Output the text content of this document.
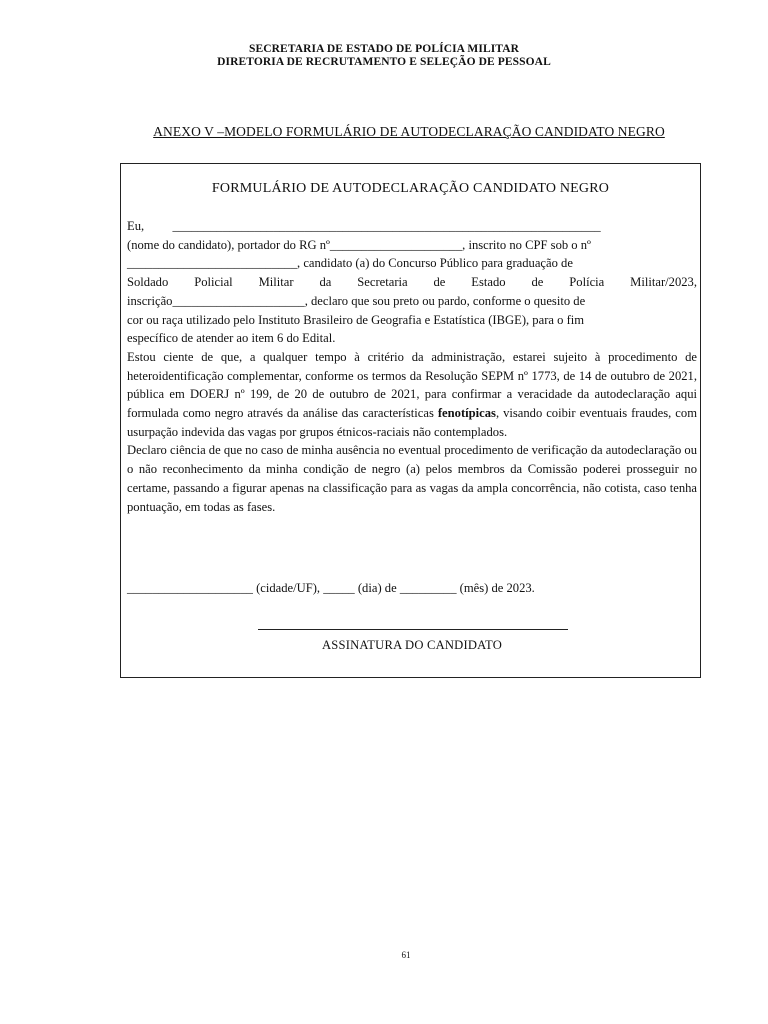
SECRETARIA DE ESTADO DE POLÍCIA MILITAR
DIRETORIA DE RECRUTAMENTO E SELEÇÃO DE PESSOAL
ANEXO V –MODELO FORMULÁRIO DE AUTODECLARAÇÃO CANDIDATO NEGRO
FORMULÁRIO DE AUTODECLARAÇÃO CANDIDATO NEGRO

Eu,         ____________________________________________________________________
(nome do candidato), portador do RG nº_____________________, inscrito no CPF sob o nº
___________________________, candidato (a) do Concurso Público para graduação de
Soldado Policial Militar da Secretaria de Estado de Polícia Militar/2023,
inscrição_____________________, declaro que sou preto ou pardo, conforme o quesito de
cor ou raça utilizado pelo Instituto Brasileiro de Geografia e Estatística (IBGE), para o fim
específico de atender ao item 6 do Edital.

Estou ciente de que, a qualquer tempo à critério da administração, estarei sujeito à procedimento de heteroidentificação complementar, conforme os termos da Resolução SEPM nº 1773, de 14 de outubro de 2021, pública em DOERJ nº 199, de 20 de outubro de 2021, para confirmar a veracidade da autodeclaração aqui formulada como negro através da análise das características fenotípicas, visando coibir eventuais fraudes, com usurpação indevida das vagas por grupos étnicos-raciais não contemplados.

Declaro ciência de que no caso de minha ausência no eventual procedimento de verificação da autodeclaração ou o não reconhecimento da minha condição de negro (a) pelos membros da Comissão poderei prosseguir no certame, passando a figurar apenas na classificação para as vagas da ampla concorrência, não cotista, caso tenha pontuação, em todas as fases.

____________________ (cidade/UF), _____ (dia) de _________ (mês) de 2023.
ASSINATURA DO CANDIDATO
61
